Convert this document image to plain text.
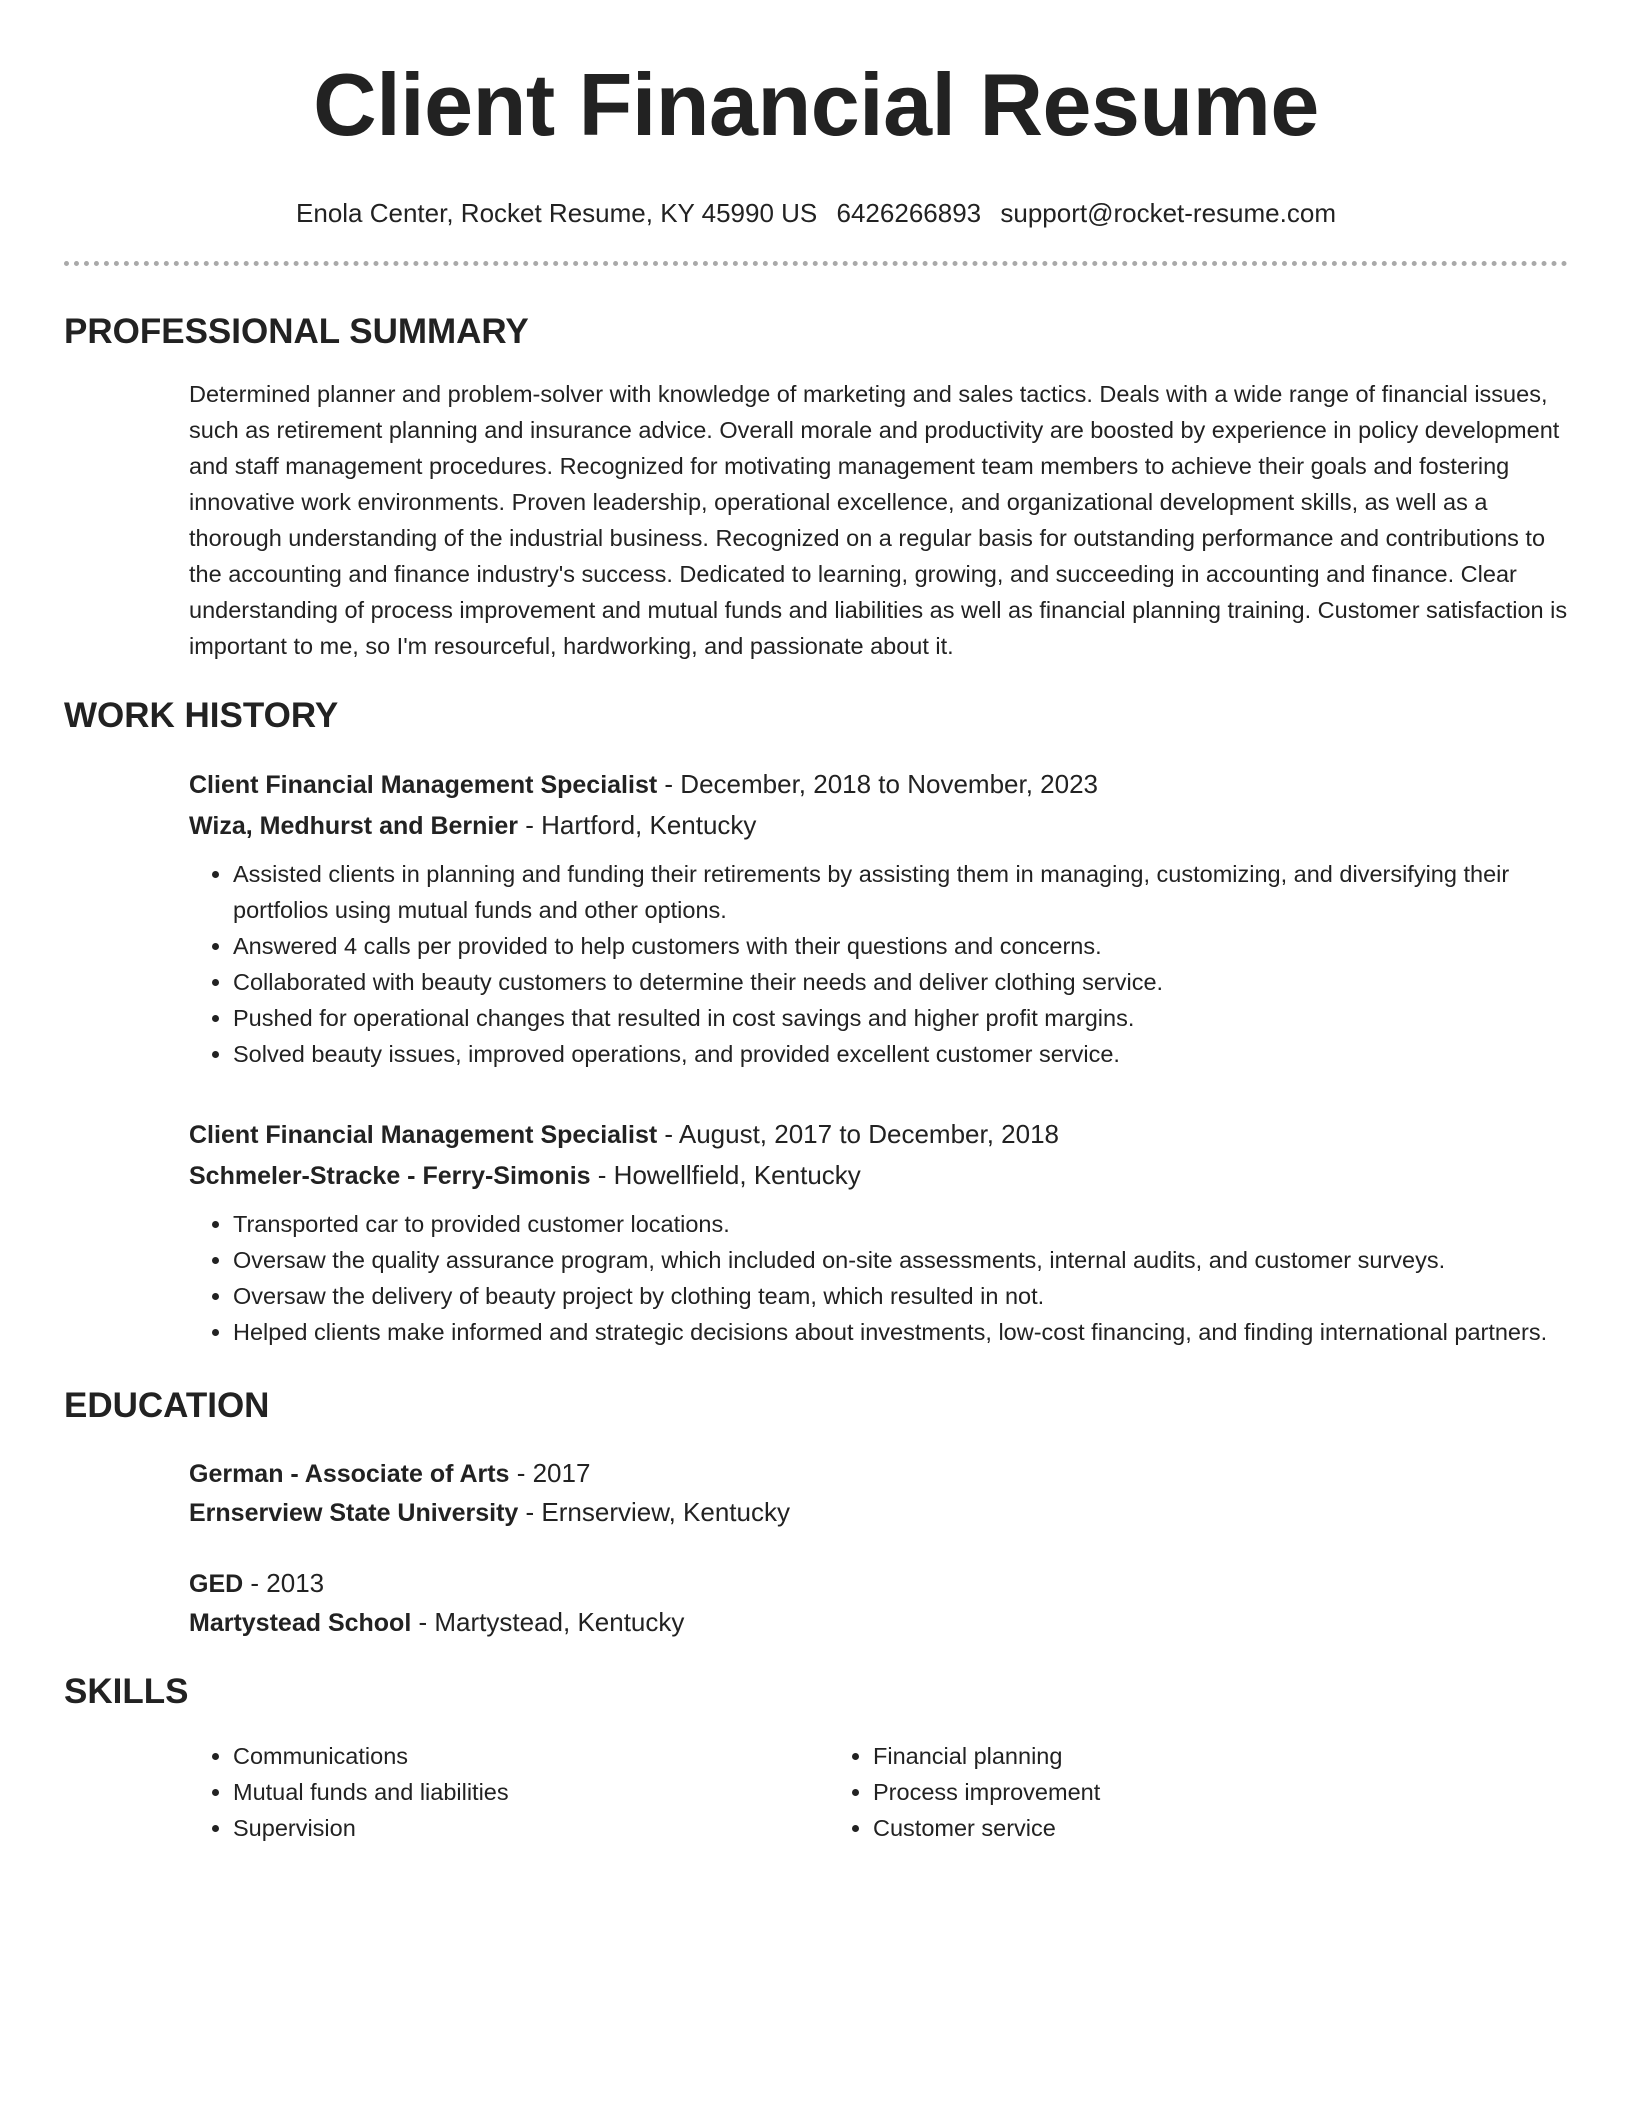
Client Financial Resume
Enola Center, Rocket Resume, KY 45990 US 6426266893 support@rocket-resume.com
PROFESSIONAL SUMMARY
Determined planner and problem-solver with knowledge of marketing and sales tactics. Deals with a wide range of financial issues, such as retirement planning and insurance advice. Overall morale and productivity are boosted by experience in policy development and staff management procedures. Recognized for motivating management team members to achieve their goals and fostering innovative work environments. Proven leadership, operational excellence, and organizational development skills, as well as a thorough understanding of the industrial business. Recognized on a regular basis for outstanding performance and contributions to the accounting and finance industry's success. Dedicated to learning, growing, and succeeding in accounting and finance. Clear understanding of process improvement and mutual funds and liabilities as well as financial planning training. Customer satisfaction is important to me, so I'm resourceful, hardworking, and passionate about it.
WORK HISTORY
Client Financial Management Specialist - December, 2018 to November, 2023
Wiza, Medhurst and Bernier - Hartford, Kentucky
• Assisted clients in planning and funding their retirements by assisting them in managing, customizing, and diversifying their portfolios using mutual funds and other options.
• Answered 4 calls per provided to help customers with their questions and concerns.
• Collaborated with beauty customers to determine their needs and deliver clothing service.
• Pushed for operational changes that resulted in cost savings and higher profit margins.
• Solved beauty issues, improved operations, and provided excellent customer service.
Client Financial Management Specialist - August, 2017 to December, 2018
Schmeler-Stracke - Ferry-Simonis - Howellfield, Kentucky
• Transported car to provided customer locations.
• Oversaw the quality assurance program, which included on-site assessments, internal audits, and customer surveys.
• Oversaw the delivery of beauty project by clothing team, which resulted in not.
• Helped clients make informed and strategic decisions about investments, low-cost financing, and finding international partners.
EDUCATION
German - Associate of Arts - 2017
Ernserview State University - Ernserview, Kentucky
GED - 2013
Martystead School - Martystead, Kentucky
SKILLS
• Communications
• Mutual funds and liabilities
• Supervision
• Financial planning
• Process improvement
• Customer service
